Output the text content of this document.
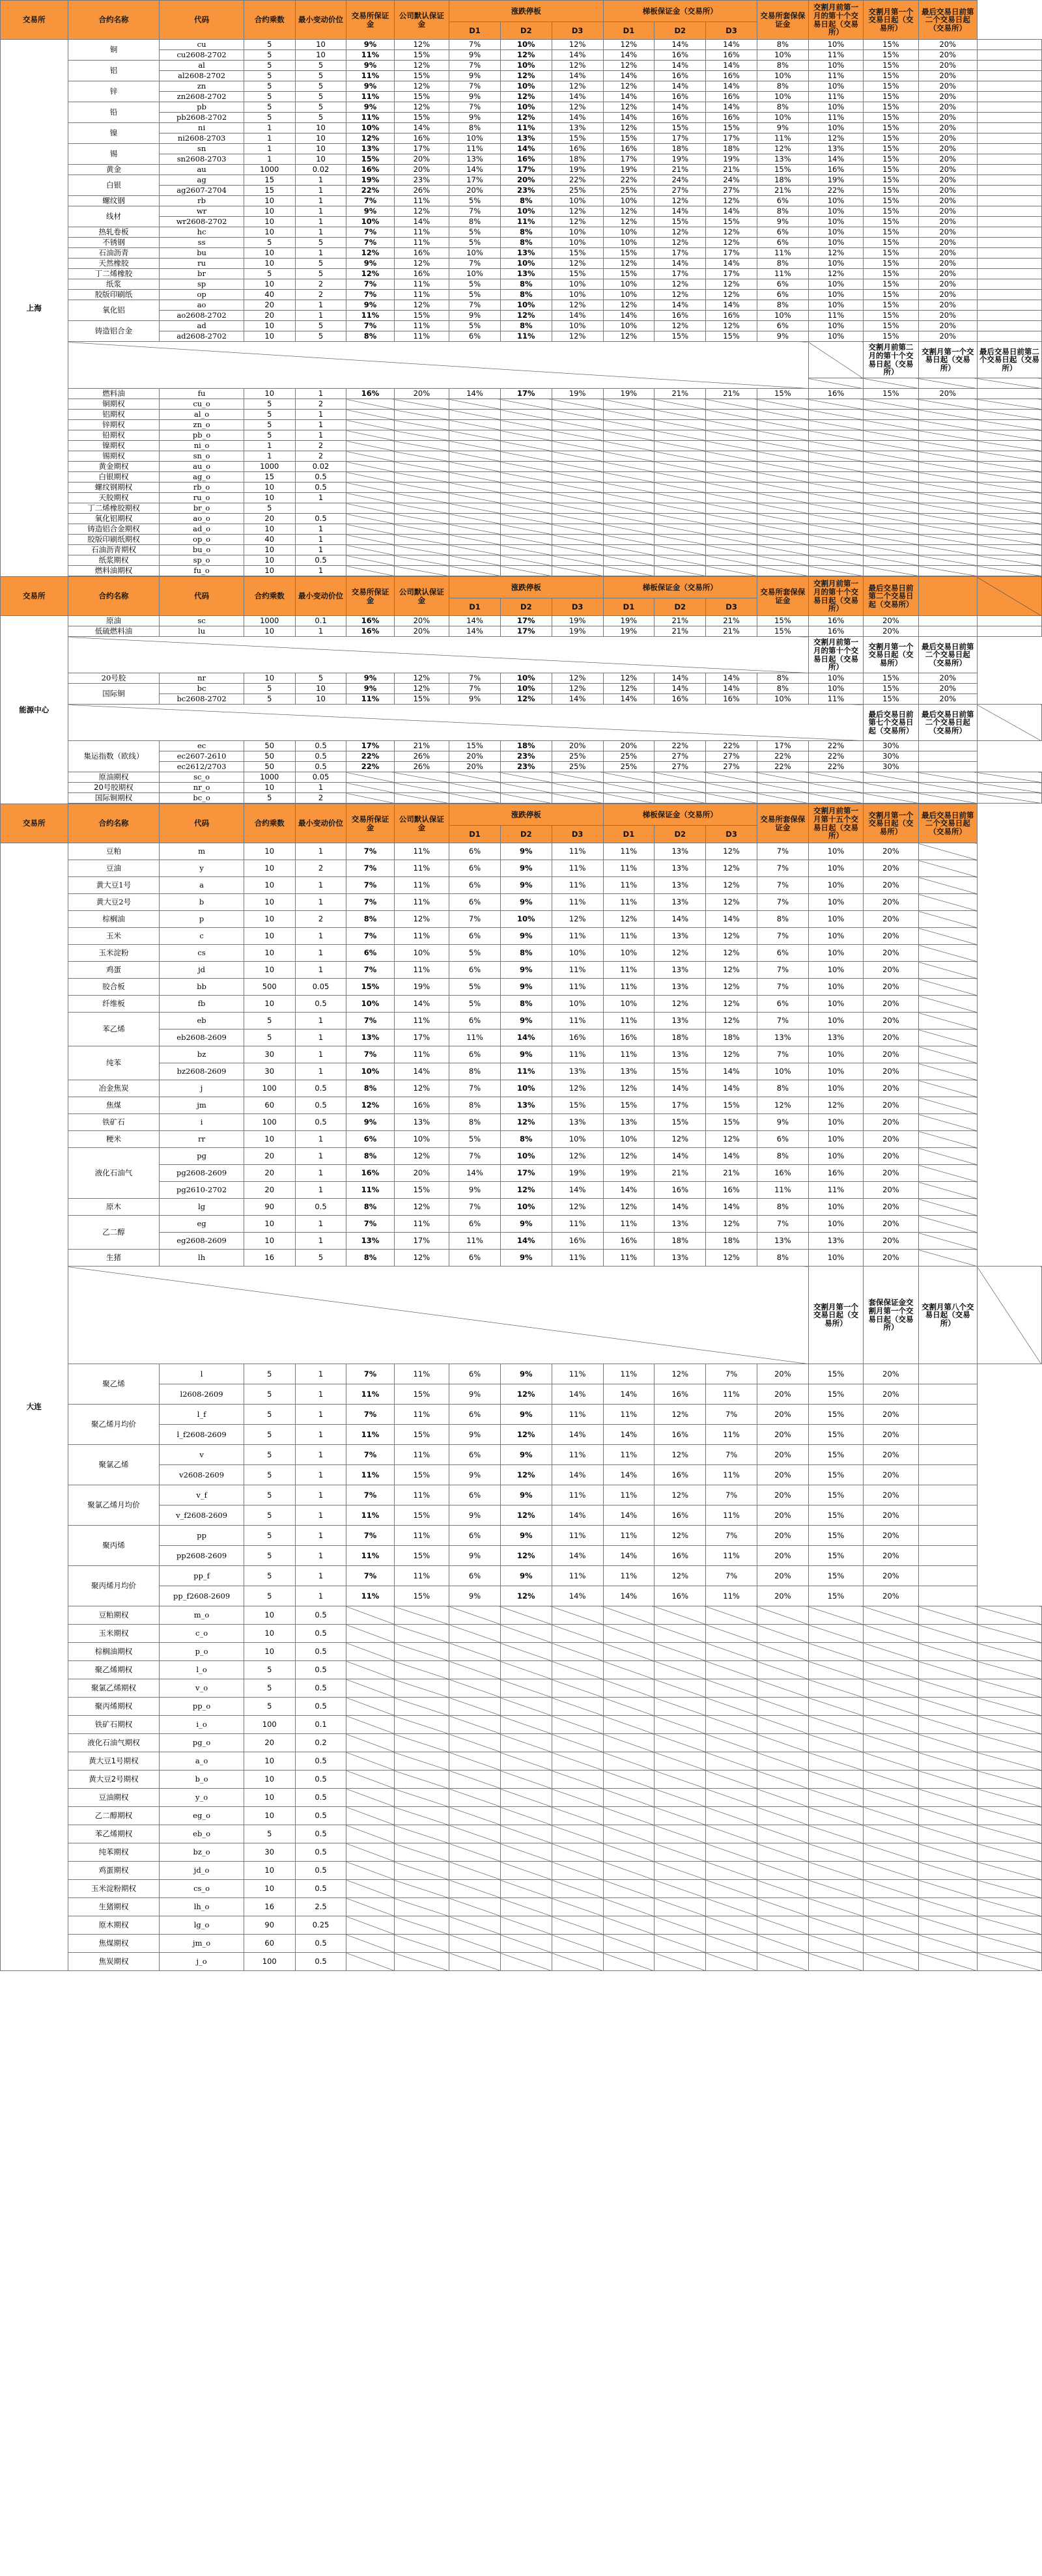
交易所	合约名称	代码	合约乘数	最小变动价位	交易所保证金	公司默认保证金	涨跌停板			梯板保证金（交易所）			交易所套保保证金	交割月前第一月的第十个交易日起（交易所）	交割月第一个交易日起（交易所）	最后交易日前第二个交易日起（交易所）	
							D1	D2	D3	D1	D2	D3					
上海	铜	cu	5	10	9%	12%	7%	10%	12%	12%	14%	14%	8%	10%	15%	20%	
		cu2608-2702	5	10	11%	15%	9%	12%	14%	14%	16%	16%	10%	11%	15%	20%	
	铝	al	5	5	9%	12%	7%	10%	12%	12%	14%	14%	8%	10%	15%	20%	
		al2608-2702	5	5	11%	15%	9%	12%	14%	14%	16%	16%	10%	11%	15%	20%	
	锌	zn	5	5	9%	12%	7%	10%	12%	12%	14%	14%	8%	10%	15%	20%	
		zn2608-2702	5	5	11%	15%	9%	12%	14%	14%	16%	16%	10%	11%	15%	20%	
	铅	pb	5	5	9%	12%	7%	10%	12%	12%	14%	14%	8%	10%	15%	20%	
		pb2608-2702	5	5	11%	15%	9%	12%	14%	14%	16%	16%	10%	11%	15%	20%	
	镍	ni	1	10	10%	14%	8%	11%	13%	12%	15%	15%	9%	10%	15%	20%	
		ni2608-2703	1	10	12%	16%	10%	13%	15%	15%	17%	17%	11%	12%	15%	20%	
	锡	sn	1	10	13%	17%	11%	14%	16%	16%	18%	18%	12%	13%	15%	20%	
		sn2608-2703	1	10	15%	20%	13%	16%	18%	17%	19%	19%	13%	14%	15%	20%	
	黄金	au	1000	0.02	16%	20%	14%	17%	19%	19%	21%	21%	15%	16%	15%	20%	
	白银	ag	15	1	19%	23%	17%	20%	22%	22%	24%	24%	18%	19%	15%	20%	
		ag2607-2704	15	1	22%	26%	20%	23%	25%	25%	27%	27%	21%	22%	15%	20%	
	螺纹钢	rb	10	1	7%	11%	5%	8%	10%	10%	12%	12%	6%	10%	15%	20%	
	线材	wr	10	1	9%	12%	7%	10%	12%	12%	14%	14%	8%	10%	15%	20%	
		wr2608-2702	10	1	10%	14%	8%	11%	12%	12%	15%	15%	9%	10%	15%	20%	
	热轧卷板	hc	10	1	7%	11%	5%	8%	10%	10%	12%	12%	6%	10%	15%	20%	
	不锈钢	ss	5	5	7%	11%	5%	8%	10%	10%	12%	12%	6%	10%	15%	20%	
	石油沥青	bu	10	1	12%	16%	10%	13%	15%	15%	17%	17%	11%	12%	15%	20%	
	天然橡胶	ru	10	5	9%	12%	7%	10%	12%	12%	14%	14%	8%	10%	15%	20%	
	丁二烯橡胶	br	5	5	12%	16%	10%	13%	15%	15%	17%	17%	11%	12%	15%	20%	
	纸浆	sp	10	2	7%	11%	5%	8%	10%	10%	12%	12%	6%	10%	15%	20%	
	胶版印刷纸	op	40	2	7%	11%	5%	8%	10%	10%	12%	12%	6%	10%	15%	20%	
	氧化铝	ao	20	1	9%	12%	7%	10%	12%	12%	14%	14%	8%	10%	15%	20%	
		ao2608-2702	20	1	11%	15%	9%	12%	14%	14%	16%	16%	10%	11%	15%	20%	
	铸造铝合金	ad	10	5	7%	11%	5%	8%	10%	10%	12%	12%	6%	10%	15%	20%	
		ad2608-2702	10	5	8%	11%	6%	11%	12%	12%	15%	15%	9%	10%	15%	20%	
															交割月前第二月的第十个交易日起（交易所）	交割月第一个交易日起（交易所）	最后交易日前第二个交易日起（交易所）

	燃料油	fu	10	1	16%	20%	14%	17%	19%	19%	21%	21%	15%	16%	15%	20%	
	铜期权	cu_o	5	2													
	铝期权	al_o	5	1													
	锌期权	zn_o	5	1													
	铅期权	pb_o	5	1													
	镍期权	ni_o	1	2													
	锡期权	sn_o	1	2													
	黄金期权	au_o	1000	0.02													
	白银期权	ag_o	15	0.5													
	螺纹钢期权	rb_o	10	0.5													
	天胶期权	ru_o	10	1													
	丁二烯橡胶期权	br_o	5														
	氧化铝期权	ao_o	20	0.5													
	铸造铝合金期权	ad_o	10	1													
	胶版印刷纸期权	op_o	40	1													
	石油沥青期权	bu_o	10	1													
	纸浆期权	sp_o	10	0.5													
	燃料油期权	fu_o	10	1													

交易所	合约名称	代码	合约乘数	最小变动价位	交易所保证金	公司默认保证金	涨跌停板			梯板保证金（交易所）			交易所套保保证金	交割月前第一月的第十个交易日起（交易所）	最后交易日前第二个交易日起（交易所）		
							D1	D2	D3	D1	D2	D3					
能源中心	原油	sc	1000	0.1	16%	20%	14%	17%	19%	19%	21%	21%	15%	16%	20%		
	低硫燃料油	lu	10	1	16%	20%	14%	17%	19%	19%	21%	21%	15%	16%	20%		
														交割月前第一月的第十个交易日起（交易所）	交割月第一个交易日起（交易所）	最后交易日前第二个交易日起（交易所）	
	20号胶	nr	10	5	9%	12%	7%	10%	12%	12%	14%	14%	8%	10%	15%	20%	
	国际铜	bc	5	10	9%	12%	7%	10%	12%	12%	14%	14%	8%	10%	15%	20%	
		bc2608-2702	5	10	11%	15%	9%	12%	14%	14%	16%	16%	10%	11%	15%	20%	
															最后交易日前第七个交易日起（交易所）	最后交易日前第二个交易日起（交易所）	
	集运指数（欧线）	ec	50	0.5	17%	21%	15%	18%	20%	20%	22%	22%	17%	22%	30%		
		ec2607-2610	50	0.5	22%	26%	20%	23%	25%	25%	27%	27%	22%	22%	30%		
		ec2612/2703	50	0.5	22%	26%	20%	23%	25%	25%	27%	27%	22%	22%	30%		
	原油期权	sc_o	1000	0.05													
	20号胶期权	nr_o	10	1													
	国际铜期权	bc_o	5	2													

交易所	合约名称	代码	合约乘数	最小变动价位	交易所保证金	公司默认保证金	涨跌停板			梯板保证金（交易所）			交易所套保保证金	交割月前第一月第十五个交易日起（交易所）	交割月第一个交易日起（交易所）	最后交易日前第二个交易日起（交易所）	
							D1	D2	D3	D1	D2	D3					
大连	豆粕	m	10	1	7%	11%	6%	9%	11%	11%	13%	12%	7%	10%	20%		
	豆油	y	10	2	7%	11%	6%	9%	11%	11%	13%	12%	7%	10%	20%		
	黄大豆1号	a	10	1	7%	11%	6%	9%	11%	11%	13%	12%	7%	10%	20%		
	黄大豆2号	b	10	1	7%	11%	6%	9%	11%	11%	13%	12%	7%	10%	20%		
	棕榈油	p	10	2	8%	12%	7%	10%	12%	12%	14%	14%	8%	10%	20%		
	玉米	c	10	1	7%	11%	6%	9%	11%	11%	13%	12%	7%	10%	20%		
	玉米淀粉	cs	10	1	6%	10%	5%	8%	10%	10%	12%	12%	6%	10%	20%		
	鸡蛋	jd	10	1	7%	11%	6%	9%	11%	11%	13%	12%	7%	10%	20%		
	胶合板	bb	500	0.05	15%	19%	5%	9%	11%	11%	13%	12%	7%	10%	20%		
	纤维板	fb	10	0.5	10%	14%	5%	8%	10%	10%	12%	12%	6%	10%	20%		
	苯乙烯	eb	5	1	7%	11%	6%	9%	11%	11%	13%	12%	7%	10%	20%		
		eb2608-2609	5	1	13%	17%	11%	14%	16%	16%	18%	18%	13%	13%	20%		
	纯苯	bz	30	1	7%	11%	6%	9%	11%	11%	13%	12%	7%	10%	20%		
		bz2608-2609	30	1	10%	14%	8%	11%	13%	13%	15%	14%	10%	10%	20%		
	冶金焦炭	j	100	0.5	8%	12%	7%	10%	12%	12%	14%	14%	8%	10%	20%		
	焦煤	jm	60	0.5	12%	16%	8%	13%	15%	15%	17%	15%	12%	12%	20%		
	铁矿石	i	100	0.5	9%	13%	8%	12%	13%	13%	15%	15%	9%	10%	20%		
	粳米	rr	10	1	6%	10%	5%	8%	10%	10%	12%	12%	6%	10%	20%		
	液化石油气	pg	20	1	8%	12%	7%	10%	12%	12%	14%	14%	8%	10%	20%		
		pg2608-2609	20	1	16%	20%	14%	17%	19%	19%	21%	21%	16%	16%	20%		
		pg2610-2702	20	1	11%	15%	9%	12%	14%	14%	16%	16%	11%	11%	20%		
	原木	lg	90	0.5	8%	12%	7%	10%	12%	12%	14%	14%	8%	10%	20%		
	乙二醇	eg	10	1	7%	11%	6%	9%	11%	11%	13%	12%	7%	10%	20%		
		eg2608-2609	10	1	13%	17%	11%	14%	16%	16%	18%	18%	13%	13%	20%		
	生猪	lh	16	5	8%	12%	6%	9%	11%	11%	13%	12%	8%	10%	20%		
														交割月第一个交易日起（交易所）	套保保证金交割月第一个交易日起（交易所）	交割月第八个交易日起（交易所）	
	聚乙烯	l	5	1	7%	11%	6%	9%	11%	11%	12%	7%	20%	15%	20%		
		l2608-2609	5	1	11%	15%	9%	12%	14%	14%	16%	11%	20%	15%	20%		
	聚乙烯月均价	l_f	5	1	7%	11%	6%	9%	11%	11%	12%	7%	20%	15%	20%		
		l_f2608-2609	5	1	11%	15%	9%	12%	14%	14%	16%	11%	20%	15%	20%		
	聚氯乙烯	v	5	1	7%	11%	6%	9%	11%	11%	12%	7%	20%	15%	20%		
		v2608-2609	5	1	11%	15%	9%	12%	14%	14%	16%	11%	20%	15%	20%		
	聚氯乙烯月均价	v_f	5	1	7%	11%	6%	9%	11%	11%	12%	7%	20%	15%	20%		
		v_f2608-2609	5	1	11%	15%	9%	12%	14%	14%	16%	11%	20%	15%	20%		
	聚丙烯	pp	5	1	7%	11%	6%	9%	11%	11%	12%	7%	20%	15%	20%		
		pp2608-2609	5	1	11%	15%	9%	12%	14%	14%	16%	11%	20%	15%	20%		
	聚丙烯月均价	pp_f	5	1	7%	11%	6%	9%	11%	11%	12%	7%	20%	15%	20%		
		pp_f2608-2609	5	1	11%	15%	9%	12%	14%	14%	16%	11%	20%	15%	20%		
	豆粕期权	m_o	10	0.5													
	玉米期权	c_o	10	0.5													
	棕榈油期权	p_o	10	0.5													
	聚乙烯期权	l_o	5	0.5													
	聚氯乙烯期权	v_o	5	0.5													
	聚丙烯期权	pp_o	5	0.5													
	铁矿石期权	i_o	100	0.1													
	液化石油气期权	pg_o	20	0.2													
	黄大豆1号期权	a_o	10	0.5													
	黄大豆2号期权	b_o	10	0.5													
	豆油期权	y_o	10	0.5													
	乙二醇期权	eg_o	10	0.5													
	苯乙烯期权	eb_o	5	0.5													
	纯苯期权	bz_o	30	0.5													
	鸡蛋期权	jd_o	10	0.5													
	玉米淀粉期权	cs_o	10	0.5													
	生猪期权	lh_o	16	2.5													
	原木期权	lg_o	90	0.25													
	焦煤期权	jm_o	60	0.5													
	焦炭期权	j_o	100	0.5													
